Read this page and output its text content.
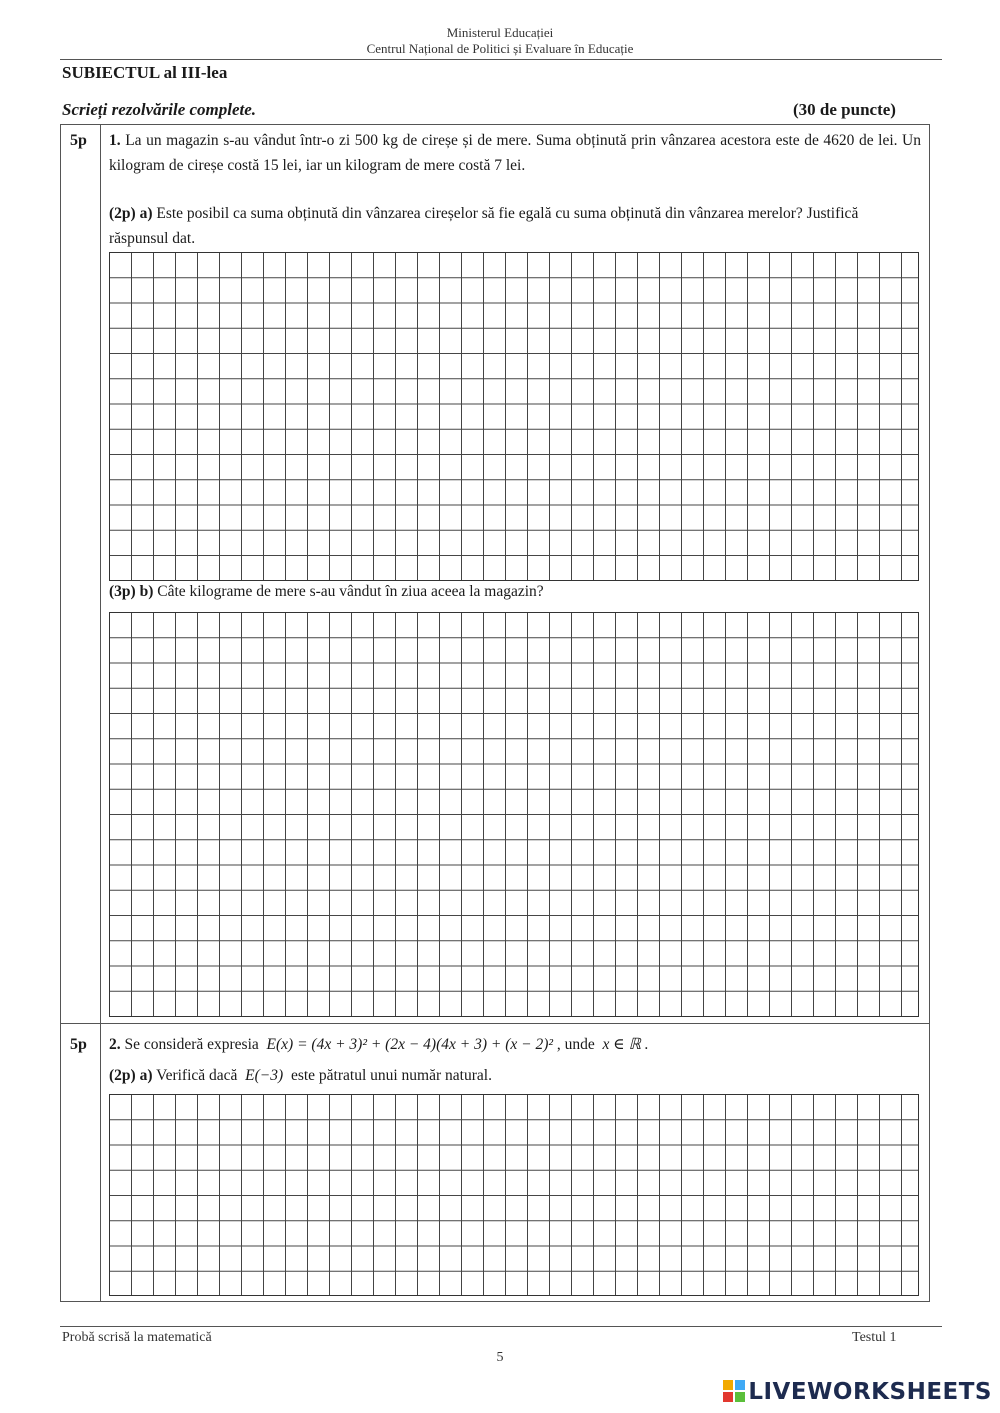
Ministerul Educației
Centrul Național de Politici și Evaluare în Educație
SUBIECTUL al III-lea
Scrieți rezolvările complete.	(30 de puncte)
5p 1. La un magazin s-au vândut într-o zi 500 kg de cireșe și de mere. Suma obținută prin vânzarea acestora este de 4620 de lei. Un kilogram de cireșe costă 15 lei, iar un kilogram de mere costă 7 lei.
(2p) a) Este posibil ca suma obținută din vânzarea cireșelor să fie egală cu suma obținută din vânzarea merelor? Justifică răspunsul dat.
(3p) b) Câte kilograme de mere s-au vândut în ziua aceea la magazin?
5p 2. Se consideră expresia E(x) = (4x + 3)² + (2x − 4)(4x + 3) + (x − 2)² , unde x ∈ ℝ .
(2p) a) Verifică dacă E(−3) este pătratul unui număr natural.
Probă scrisă la matematică	Testul 1
5
LIVEWORKSHEETS
